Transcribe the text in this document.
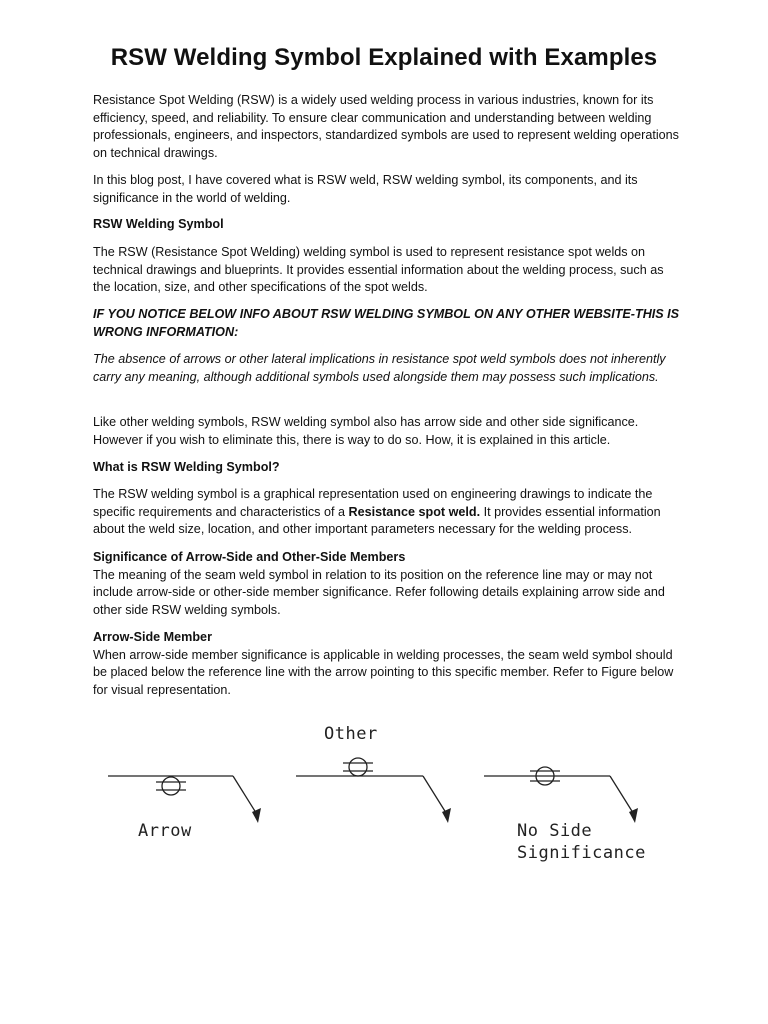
RSW Welding Symbol Explained with Examples

Resistance Spot Welding (RSW) is a widely used welding process in various industries, known for its efficiency, speed, and reliability. To ensure clear communication and understanding between welding professionals, engineers, and inspectors, standardized symbols are used to represent welding operations on technical drawings.

In this blog post, I have covered what is RSW weld, RSW welding symbol, its components, and its significance in the world of welding.

RSW Welding Symbol

The RSW (Resistance Spot Welding) welding symbol is used to represent resistance spot welds on technical drawings and blueprints. It provides essential information about the welding process, such as the location, size, and other specifications of the spot welds.

IF YOU NOTICE BELOW INFO ABOUT RSW WELDING SYMBOL ON ANY OTHER WEBSITE-THIS IS WRONG INFORMATION:

The absence of arrows or other lateral implications in resistance spot weld symbols does not inherently carry any meaning, although additional symbols used alongside them may possess such implications.

Like other welding symbols, RSW welding symbol also has arrow side and other side significance. However if you wish to eliminate this, there is way to do so. How, it is explained in this article.

What is RSW Welding Symbol?

The RSW welding symbol is a graphical representation used on engineering drawings to indicate the specific requirements and characteristics of a Resistance spot weld. It provides essential information about the weld size, location, and other important parameters necessary for the welding process.

Significance of Arrow-Side and Other-Side Members
The meaning of the seam weld symbol in relation to its position on the reference line may or may not include arrow-side or other-side member significance. Refer following details explaining arrow side and other side RSW welding symbols.

Arrow-Side Member
When arrow-side member significance is applicable in welding processes, the seam weld symbol should be placed below the reference line with the arrow pointing to this specific member. Refer to Figure below for visual representation.

Other
Arrow	No Side
Significance
